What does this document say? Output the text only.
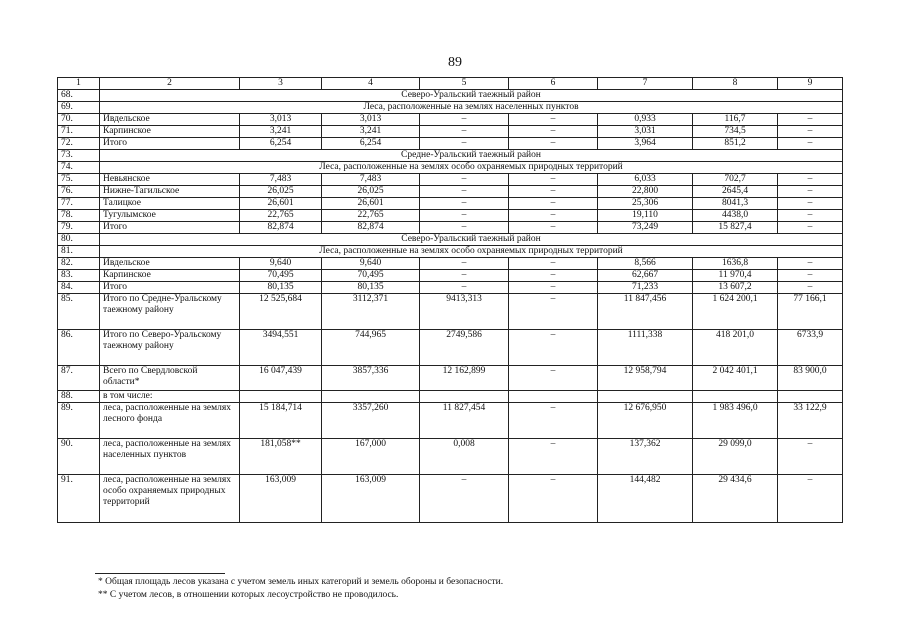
89
1	2	3	4	5	6	7	8	9
68.	Северо-Уральский таежный район							
69.	Леса, расположенные на землях населенных пунктов							
70.	Ивдельское	3,013	3,013	–	–	0,933	116,7	–
71.	Карпинское	3,241	3,241	–	–	3,031	734,5	–
72.	Итого	6,254	6,254	–	–	3,964	851,2	–
73.	Средне-Уральский таежный район							
74.	Леса, расположенные на землях особо охраняемых природных территорий							
75.	Невьянское	7,483	7,483	–	–	6,033	702,7	–
76.	Нижне-Тагильское	26,025	26,025	–	–	22,800	2645,4	–
77.	Талицкое	26,601	26,601	–	–	25,306	8041,3	–
78.	Тугулымское	22,765	22,765	–	–	19,110	4438,0	–
79.	Итого	82,874	82,874	–	–	73,249	15 827,4	–
80.	Северо-Уральский таежный район							
81.	Леса, расположенные на землях особо охраняемых природных территорий							
82.	Ивдельское	9,640	9,640	–	–	8,566	1636,8	–
83.	Карпинское	70,495	70,495	–	–	62,667	11 970,4	–
84.	Итого	80,135	80,135	–	–	71,233	13 607,2	–
85.	Итого по Средне-Уральскому таежному району	12 525,684	3112,371	9413,313	–	11 847,456	1 624 200,1	77 166,1
86.	Итого по Северо-Уральскому таежному району	3494,551	744,965	2749,586	–	1111,338	418 201,0	6733,9
87.	Всего по Свердловской области*	16 047,439	3857,336	12 162,899	–	12 958,794	2 042 401,1	83 900,0
88.	в том числе:							
89.	леса, расположенные на землях лесного фонда	15 184,714	3357,260	11 827,454	–	12 676,950	1 983 496,0	33 122,9
90.	леса, расположенные на землях населенных пунктов	181,058**	167,000	0,008	–	137,362	29 099,0	–
91.	леса, расположенные на землях особо охраняемых природных территорий	163,009	163,009	–	–	144,482	29 434,6	–
* Общая площадь лесов указана с учетом земель иных категорий и земель обороны и безопасности.
** С учетом лесов, в отношении которых лесоустройство не проводилось.
